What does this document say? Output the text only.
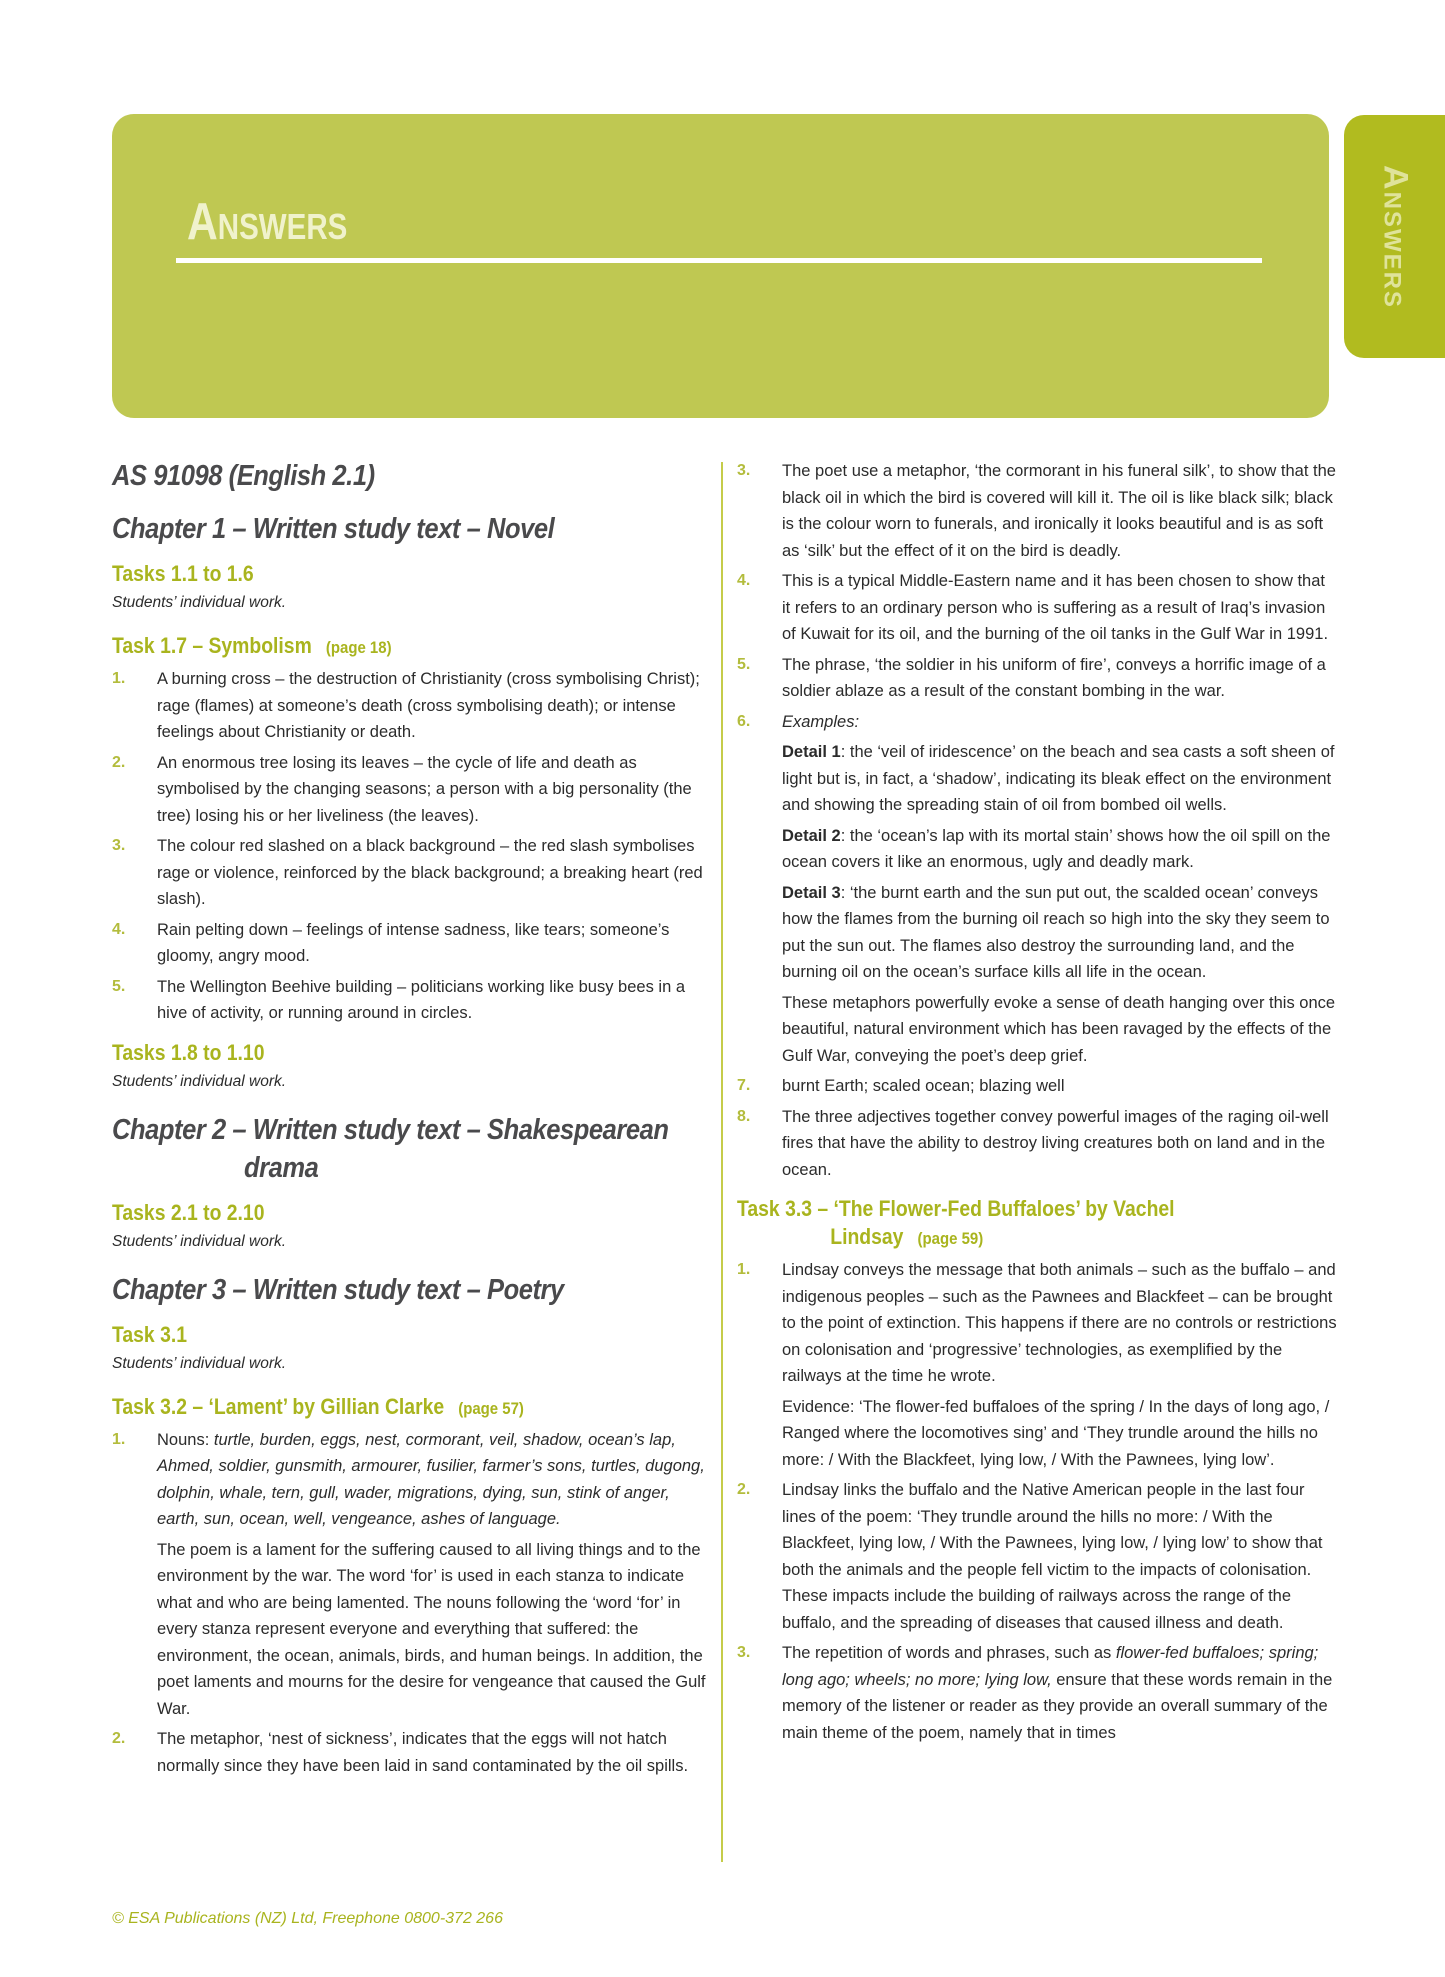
Answers	Answers
AS 91098 (English 2.1)
Chapter 1 – Written study text – Novel
Tasks 1.1 to 1.6
Students’ individual work.
Task 1.7 – Symbolism (page 18)
1. A burning cross – the destruction of Christianity (cross symbolising Christ); rage (flames) at someone’s death (cross symbolising death); or intense feelings about Christianity or death.

2. An enormous tree losing its leaves – the cycle of life and death as symbolised by the changing seasons; a person with a big personality (the tree) losing his or her liveliness (the leaves).

3. The colour red slashed on a black background – the red slash symbolises rage or violence, reinforced by the black background; a breaking heart (red slash).

4. Rain pelting down – feelings of intense sadness, like tears; someone’s gloomy, angry mood.

5. The Wellington Beehive building – politicians working like busy bees in a hive of activity, or running around in circles.

Tasks 1.8 to 1.10
Students’ individual work.
Chapter 2 – Written study text – Shakespearean
drama
Tasks 2.1 to 2.10
Students’ individual work.
Chapter 3 – Written study text – Poetry
Task 3.1
Students’ individual work.
Task 3.2 – ‘Lament’ by Gillian Clarke (page 57)
1. Nouns: turtle, burden, eggs, nest, cormorant, veil, shadow, ocean’s lap, Ahmed, soldier, gunsmith, armourer, fusilier, farmer’s sons, turtles, dugong, dolphin, whale, tern, gull, wader, migrations, dying, sun, stink of anger, earth, sun, ocean, well, vengeance, ashes of language.

The poem is a lament for the suffering caused to all living things and to the environment by the war. The word ‘for’ is used in each stanza to indicate what and who are being lamented. The nouns following the ‘word ‘for’ in every stanza represent everyone and everything that suffered: the environment, the ocean, animals, birds, and human beings. In addition, the poet laments and mourns for the desire for vengeance that caused the Gulf War.

2. The metaphor, ‘nest of sickness’, indicates that the eggs will not hatch normally since they have been laid in sand contaminated by the oil spills.

3. The poet use a metaphor, ‘the cormorant in his funeral silk’, to show that the black oil in which the bird is covered will kill it. The oil is like black silk; black is the colour worn to funerals, and ironically it looks beautiful and is as soft as ‘silk’ but the effect of it on the bird is deadly.

4. This is a typical Middle-Eastern name and it has been chosen to show that it refers to an ordinary person who is suffering as a result of Iraq’s invasion of Kuwait for its oil, and the burning of the oil tanks in the Gulf War in 1991.

5. The phrase, ‘the soldier in his uniform of fire’, conveys a horrific image of a soldier ablaze as a result of the constant bombing in the war.

6. Examples:

Detail 1: the ‘veil of iridescence’ on the beach and sea casts a soft sheen of light but is, in fact, a ‘shadow’, indicating its bleak effect on the environment and showing the spreading stain of oil from bombed oil wells.

Detail 2: the ‘ocean’s lap with its mortal stain’ shows how the oil spill on the ocean covers it like an enormous, ugly and deadly mark.

Detail 3: ‘the burnt earth and the sun put out, the scalded ocean’ conveys how the flames from the burning oil reach so high into the sky they seem to put the sun out. The flames also destroy the surrounding land, and the burning oil on the ocean’s surface kills all life in the ocean.

These metaphors powerfully evoke a sense of death hanging over this once beautiful, natural environment which has been ravaged by the effects of the Gulf War, conveying the poet’s deep grief.

7. burnt Earth; scaled ocean; blazing well

8. The three adjectives together convey powerful images of the raging oil-well fires that have the ability to destroy living creatures both on land and in the ocean.

Task 3.3 – ‘The Flower-Fed Buffaloes’ by Vachel
Lindsay (page 59)
1. Lindsay conveys the message that both animals – such as the buffalo – and indigenous peoples – such as the Pawnees and Blackfeet – can be brought to the point of extinction. This happens if there are no controls or restrictions on colonisation and ‘progressive’ technologies, as exemplified by the railways at the time he wrote.

Evidence: ‘The flower-fed buffaloes of the spring / In the days of long ago, / Ranged where the locomotives sing’ and ‘They trundle around the hills no more: / With the Blackfeet, lying low, / With the Pawnees, lying low’.

2. Lindsay links the buffalo and the Native American people in the last four lines of the poem: ‘They trundle around the hills no more: / With the Blackfeet, lying low, / With the Pawnees, lying low, / lying low’ to show that both the animals and the people fell victim to the impacts of colonisation. These impacts include the building of railways across the range of the buffalo, and the spreading of diseases that caused illness and death.

3. The repetition of words and phrases, such as flower-fed buffaloes; spring; long ago; wheels; no more; lying low, ensure that these words remain in the memory of the listener or reader as they provide an overall summary of the main theme of the poem, namely that in times

© ESA Publications (NZ) Ltd, Freephone 0800-372 266
